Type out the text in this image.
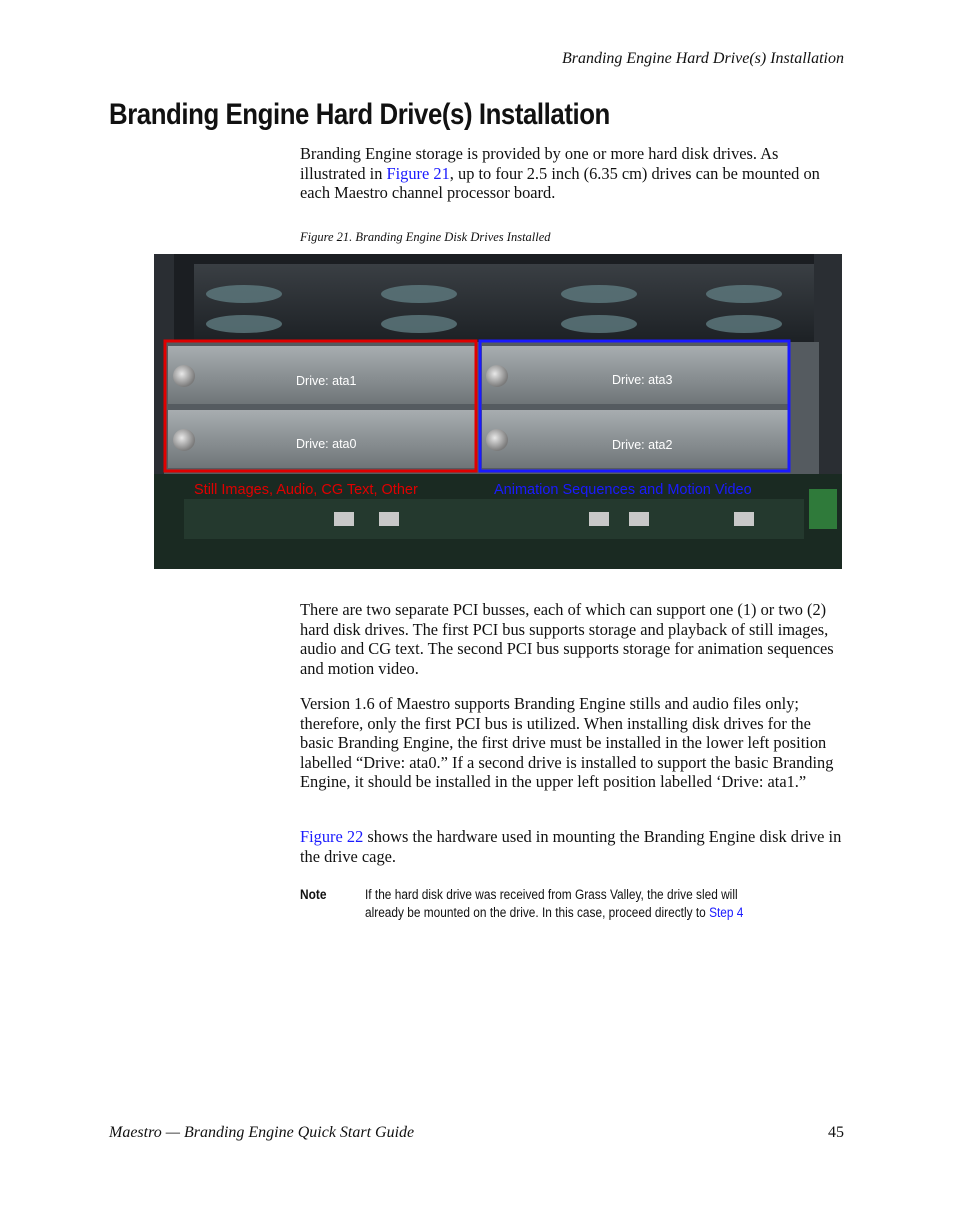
Branding Engine Hard Drive(s) Installation
Branding Engine Hard Drive(s) Installation

Branding Engine storage is provided by one or more hard disk drives. As illustrated in Figure 21, up to four 2.5 inch (6.35 cm) drives can be mounted on each Maestro channel processor board.

Figure 21. Branding Engine Disk Drives Installed
Drive: ata1
Drive: ata0
Drive: ata3
Drive: ata2
Still Images, Audio, CG Text, Other	Animation Sequences and Motion Video

There are two separate PCI busses, each of which can support one (1) or two (2) hard disk drives. The first PCI bus supports storage and playback of still images, audio and CG text. The second PCI bus supports storage for animation sequences and motion video.

Version 1.6 of Maestro supports Branding Engine stills and audio files only; therefore, only the first PCI bus is utilized. When installing disk drives for the basic Branding Engine, the first drive must be installed in the lower left position labelled “Drive: ata0.” If a second drive is installed to support the basic Branding Engine, it should be installed in the upper left position labelled ‘Drive: ata1.”

Figure 22 shows the hardware used in mounting the Branding Engine disk drive in the drive cage.

Note	If the hard disk drive was received from Grass Valley, the drive sled will already be mounted on the drive. In this case, proceed directly to Step 4
Maestro — Branding Engine Quick Start Guide	45
